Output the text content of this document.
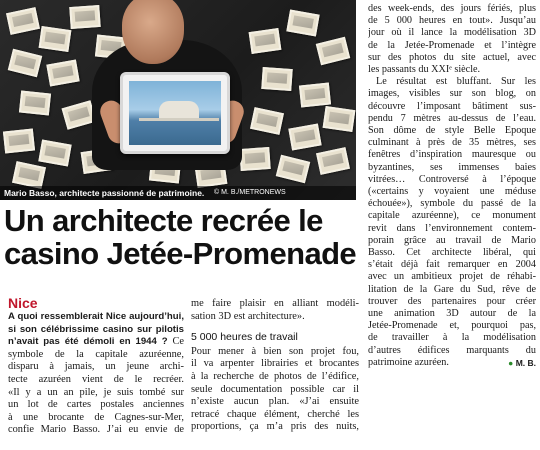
Mario Basso, architecte passionné de patrimoine. © M. B./METRONEWS
Un architecte recrée le
casino Jetée-Promenade
Nice
A quoi ressemblerait Nice aujourd’hui,
si son célébrissime casino sur pilotis
n’avait pas été démoli en 1944 ? Ce
symbole de la capitale azuréenne,
disparu à jamais, un jeune archi-
tecte azuréen vient de le recréer.
«Il y a un an pile, je suis tombé sur
un lot de cartes postales anciennes
à une brocante de Cagnes-sur-Mer,
confie Mario Basso. J’ai eu envie de
me faire plaisir en alliant modéli-
sation 3D est architecture».
5 000 heures de travail
Pour mener à bien son projet fou,
il va arpenter librairies et brocantes
à la recherche de photos de l’édifice,
seule documentation possible car il
n’existe aucun plan. «J’ai ensuite
retracé chaque élément, cherché les
proportions, ça m’a pris des nuits,
des week-ends, des jours fériés, plus
de 5 000 heures en tout». Jusqu’au
jour où il lance la modélisation 3D
de la Jetée-Promenade et l’intègre
sur des photos du site actuel, avec
les passants du XXIᵉ siècle.
Le résultat est bluffant. Sur les
images, visibles sur son blog, on
découvre l’imposant bâtiment sus-
pendu 7 mètres au-dessus de l’eau.
Son dôme de style Belle Epoque
culminant à près de 35 mètres, ses
fenêtres d’inspiration mauresque ou
byzantines, ses immenses baies
vitrées… Controversé à l’époque
(«certains y voyaient une méduse
échouée»), symbole du passé de la
capitale azuréenne), ce monument
revit dans l’environnement contem-
porain grâce au travail de Mario
Basso. Cet architecte libéral, qui
s’était déjà fait remarquer en 2004
avec un ambitieux projet de réhabi-
litation de la Gare du Sud, rêve de
trouver des partenaires pour créer
une animation 3D autour de la
Jetée-Promenade et, pourquoi pas,
de travailler à la modélisation
d’autres édifices marquants du
patrimoine azuréen.	● M. B.
